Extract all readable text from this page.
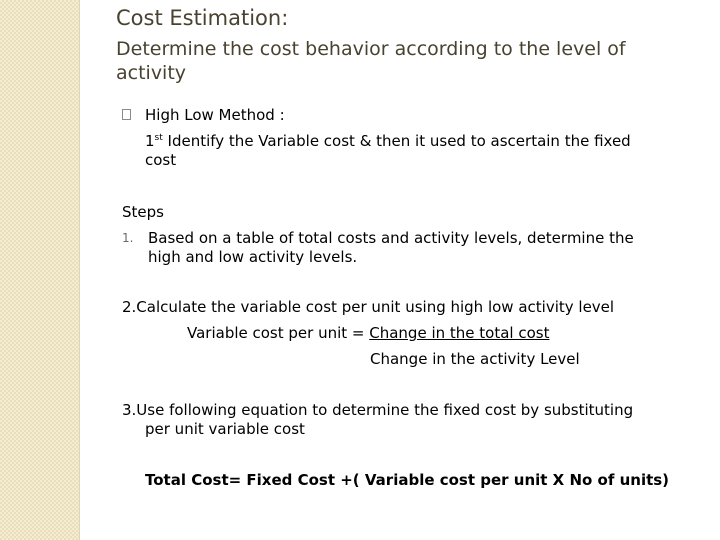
Cost Estimation:
Determine the cost behavior according to the level of activity
High Low Method :
1st Identify the Variable cost & then it used to ascertain the fixed
cost
Steps
1. Based on a table of total costs and activity levels, determine the
high and low activity levels.
2.Calculate the variable cost per unit using high low activity level
Variable cost per unit = Change in the total cost
Change in the activity Level
3.Use following equation to determine the fixed cost by substituting
per unit variable cost
Total Cost= Fixed Cost +( Variable cost per unit X No of units)
